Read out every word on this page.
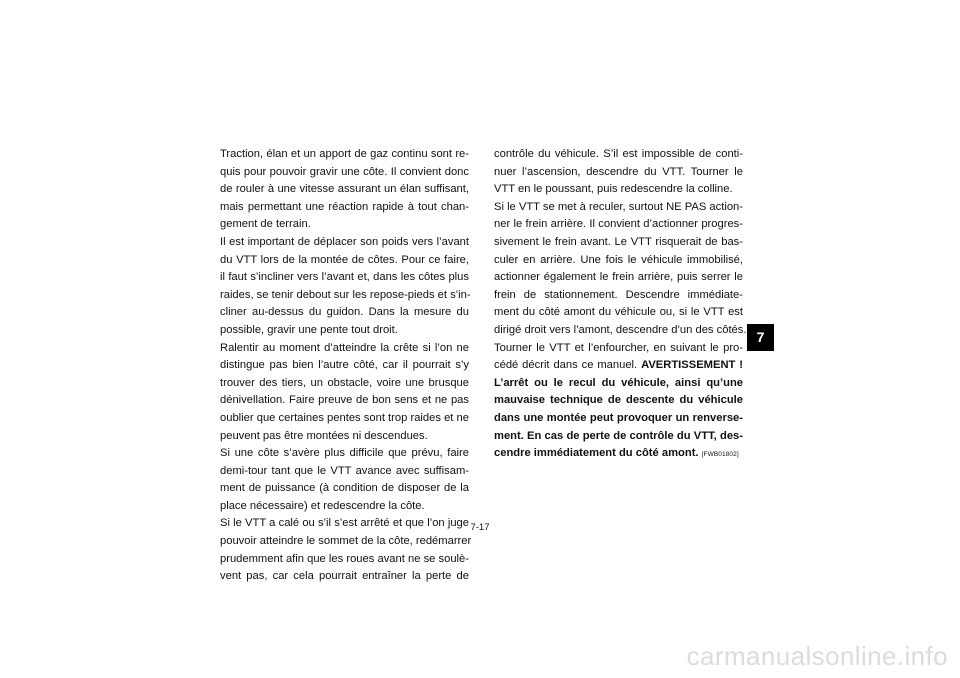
Traction, élan et un apport de gaz continu sont re-
quis pour pouvoir gravir une côte. Il convient donc
de rouler à une vitesse assurant un élan suffisant,
mais permettant une réaction rapide à tout chan-
gement de terrain.
Il est important de déplacer son poids vers l’avant
du VTT lors de la montée de côtes. Pour ce faire,
il faut s’incliner vers l’avant et, dans les côtes plus
raides, se tenir debout sur les repose-pieds et s’in-
cliner au-dessus du guidon. Dans la mesure du
possible, gravir une pente tout droit.
Ralentir au moment d’atteindre la crête si l’on ne
distingue pas bien l’autre côté, car il pourrait s’y
trouver des tiers, un obstacle, voire une brusque
dénivellation. Faire preuve de bon sens et ne pas
oublier que certaines pentes sont trop raides et ne
peuvent pas être montées ni descendues.
Si une côte s’avère plus difficile que prévu, faire
demi-tour tant que le VTT avance avec suffisam-
ment de puissance (à condition de disposer de la
place nécessaire) et redescendre la côte.
Si le VTT a calé ou s’il s’est arrêté et que l’on juge
pouvoir atteindre le sommet de la côte, redémarrer
prudemment afin que les roues avant ne se soulè-
vent pas, car cela pourrait entraîner la perte de
contrôle du véhicule. S’il est impossible de conti-
nuer l’ascension, descendre du VTT. Tourner le
VTT en le poussant, puis redescendre la colline.
Si le VTT se met à reculer, surtout NE PAS action-
ner le frein arrière. Il convient d’actionner progres-
sivement le frein avant. Le VTT risquerait de bas-
culer en arrière. Une fois le véhicule immobilisé,
actionner également le frein arrière, puis serrer le
frein de stationnement. Descendre immédiate-
ment du côté amont du véhicule ou, si le VTT est
dirigé droit vers l’amont, descendre d’un des côtés.
Tourner le VTT et l’enfourcher, en suivant le pro-
cédé décrit dans ce manuel. AVERTISSEMENT !
L’arrêt ou le recul du véhicule, ainsi qu’une
mauvaise technique de descente du véhicule
dans une montée peut provoquer un renverse-
ment. En cas de perte de contrôle du VTT, des-
cendre immédiatement du côté amont. [FWB01802]
7
7-17
carmanualsonline.info
